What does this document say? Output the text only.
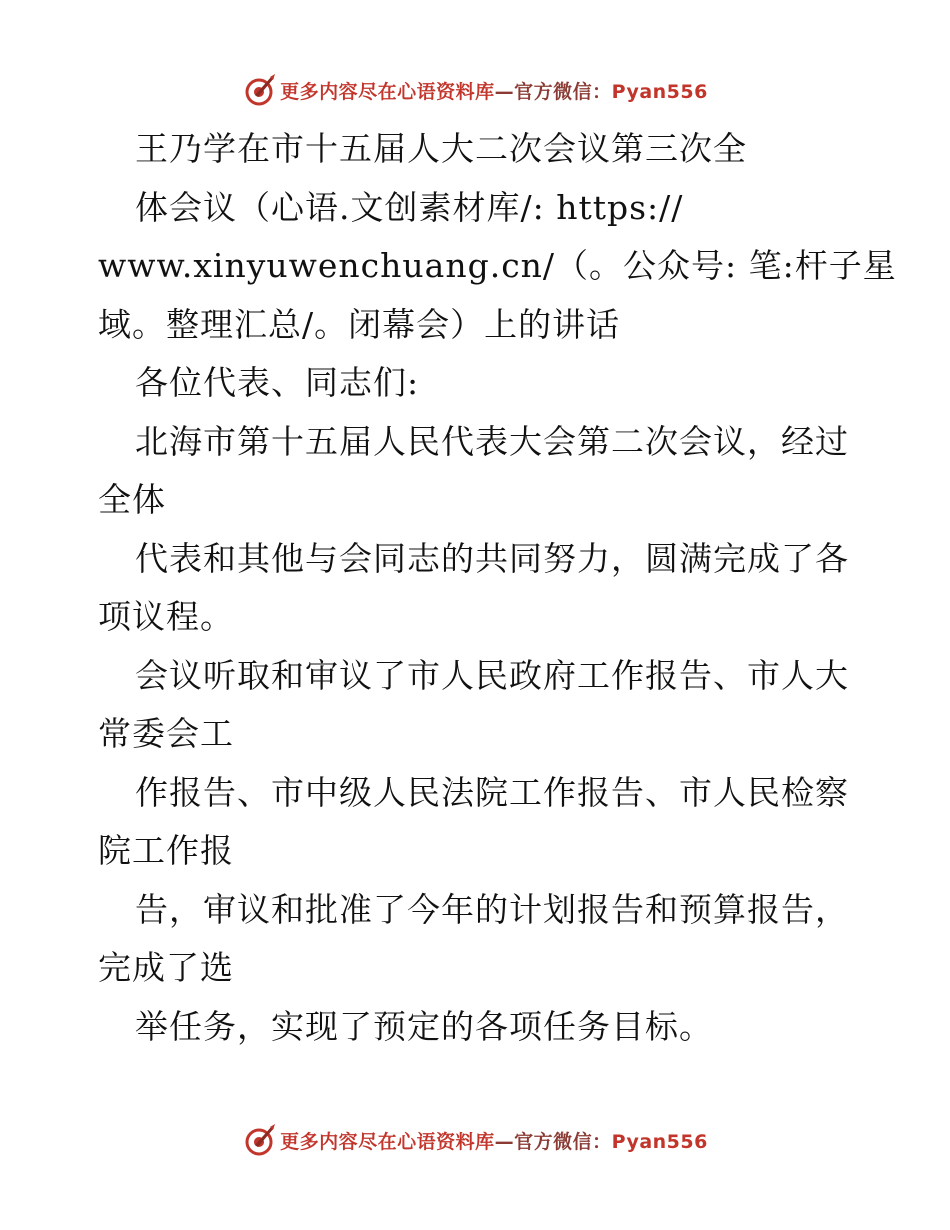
更多内容尽在心语资料库—官方微信：Pyan556
王乃学在市十五届人大二次会议第三次全
体会议（心语.文创素材库/: https://
www.xinyuwenchuang.cn/（。公众号: 笔:杆子星
域。整理汇总/。闭幕会）上的讲话
各位代表、同志们:
北海市第十五届人民代表大会第二次会议，经过
全体
代表和其他与会同志的共同努力，圆满完成了各
项议程。
会议听取和审议了市人民政府工作报告、市人大
常委会工
作报告、市中级人民法院工作报告、市人民检察
院工作报
告，审议和批准了今年的计划报告和预算报告，
完成了选
举任务，实现了预定的各项任务目标。
更多内容尽在心语资料库—官方微信：Pyan556
